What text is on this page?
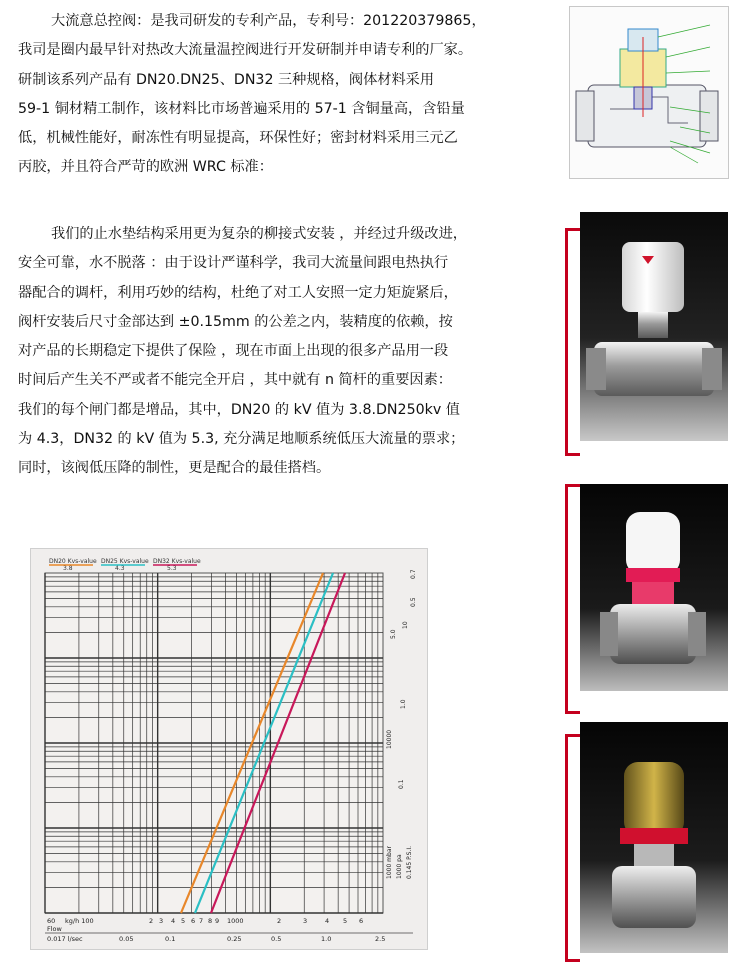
大流意总控阀：是我司研发的专利产品，专利号：201220379865，

我司是圈内最早针对热改大流量温控阀进行开发研制并申请专利的厂家。

研制该系列产品有 DN20.DN25、DN32 三种规格，阀体材料采用

59-1 铜材精工制作，该材料比市场普遍采用的 57-1 含铜量高，含铅量

低，机械性能好，耐冻性有明显提高，环保性好；密封材料采用三元乙

丙胶，并且符合严苛的欧洲 WRC 标准：

我们的止水垫结构采用更为复杂的柳接式安装 ，并经过升级改进，

安全可靠，水不脱落 ：由于设计严谨科学，我司大流量间跟电热执行

器配合的调杆，利用巧妙的结构，杜绝了对工人安照一定力矩旋紧后，

阀杆安装后尺寸金部达到 ±0.15mm 的公差之内，装精度的依赖，按

对产品的长期稳定下提供了保险 ，现在市面上出现的很多产品用一段

时间后产生关不严或者不能完全开启 ，其中就有 n 简杆的重要因素：

我们的每个闸门都是增品，其中，DN20 的 kV 值为 3.8.DN250kv 值

为 4.3，DN32 的 kV 值为 5.3, 充分满足地顺系统低压大流量的票求；

同时，该阀低压降的制性，更是配合的最佳搭档。

DN20 Kvs-value
3.8
DN25 Kvs-value
4.3
DN32 Kvs-value
5.3
60 kg/h 100	2 3 4 5 6 7 8 9 1000	2	3	4 5 6
Flow
0.017 l/sec	0.05	0.1	0.25	0.5	1.0	2.5
10000
1000 mbar 1000 pa 0.145 P.S.I.
10
5.0
1.0
0.7
0.5
0.1
